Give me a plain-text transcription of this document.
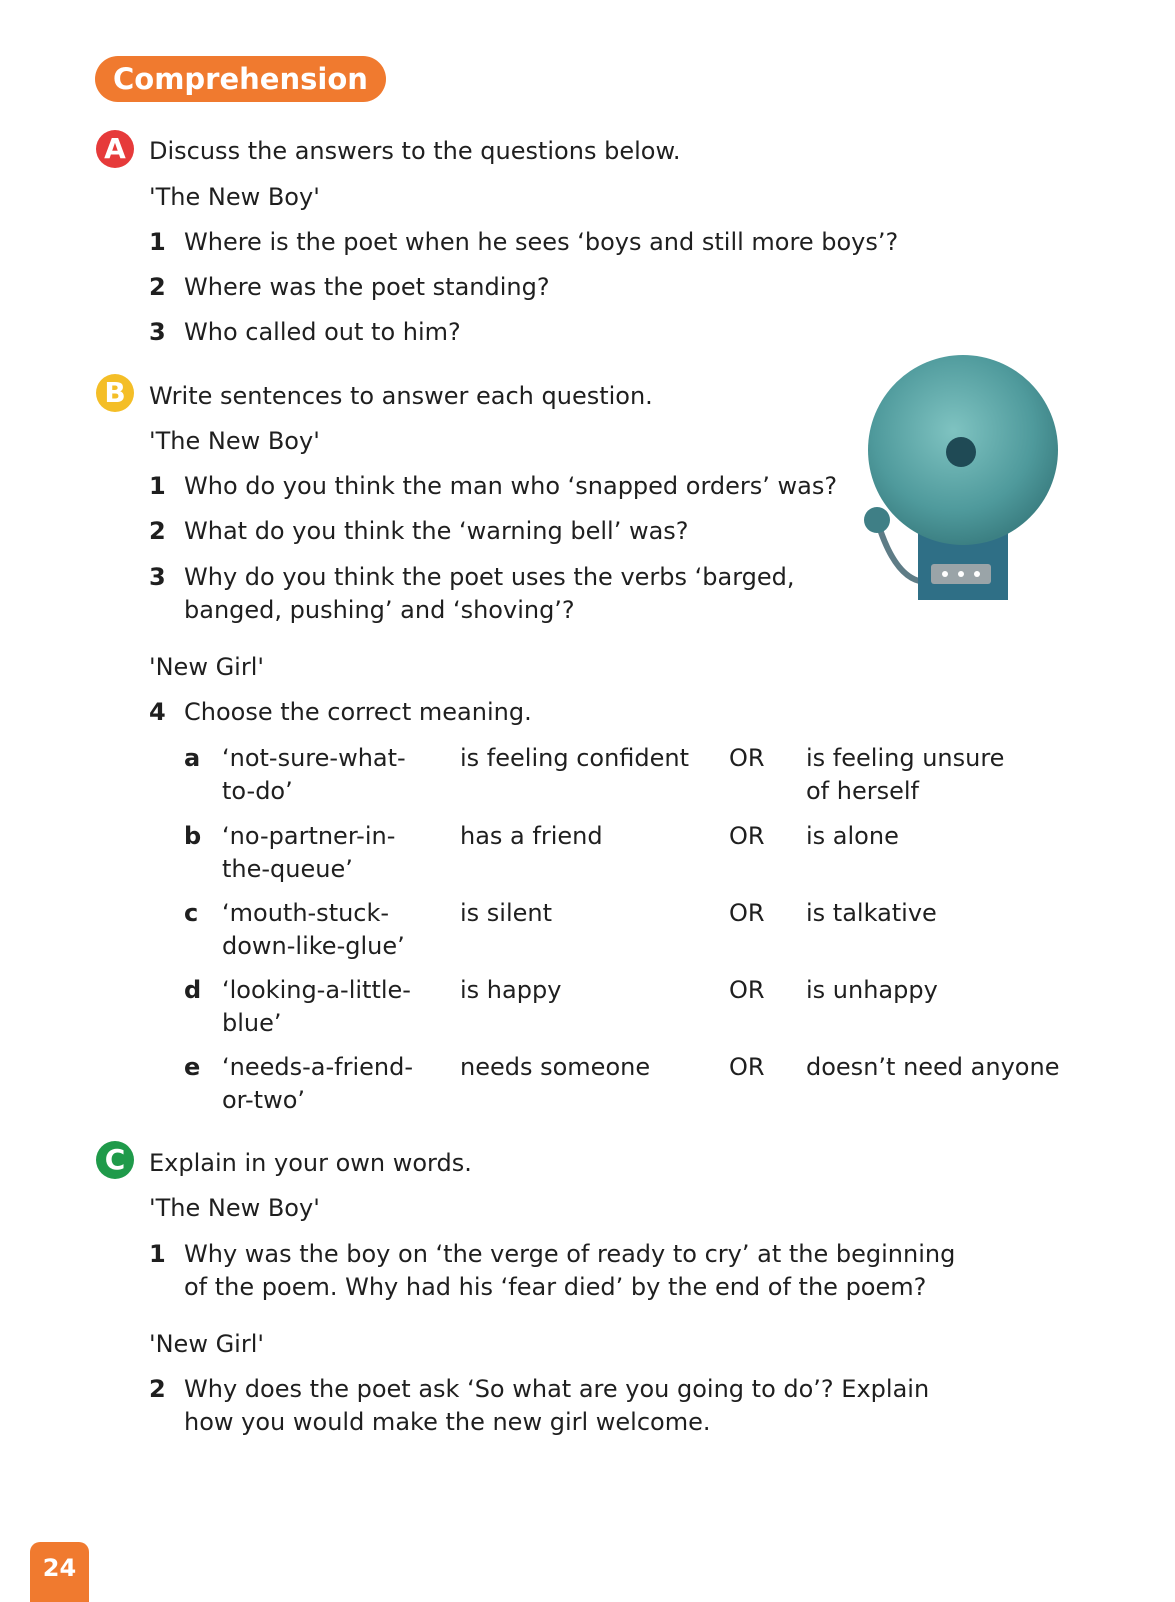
Comprehension
A Discuss the answers to the questions below.
'The New Boy'
1 Where is the poet when he sees ‘boys and still more boys’?
2 Where was the poet standing?
3 Who called out to him?
B Write sentences to answer each question.
'The New Boy'
1 Who do you think the man who ‘snapped orders’ was?
2 What do you think the ‘warning bell’ was?
3 Why do you think the poet uses the verbs ‘barged,
banged, pushing’ and ‘shoving’?
'New Girl'
4 Choose the correct meaning.
a ‘not-sure-what-
to-do’
is feeling confident OR is feeling unsure
of herself
b ‘no-partner-in-
the-queue’
has a friend	OR is alone
c ‘mouth-stuck-
down-like-glue’
is silent	OR is talkative
d ‘looking-a-little-
blue’
is happy	OR is unhappy
e ‘needs-a-friend-
or-two’
needs someone	OR doesn’t need anyone
C Explain in your own words.
'The New Boy'
1 Why was the boy on ‘the verge of ready to cry’ at the beginning
of the poem. Why had his ‘fear died’ by the end of the poem?
'New Girl'
2 Why does the poet ask ‘So what are you going to do’? Explain
how you would make the new girl welcome.
24
